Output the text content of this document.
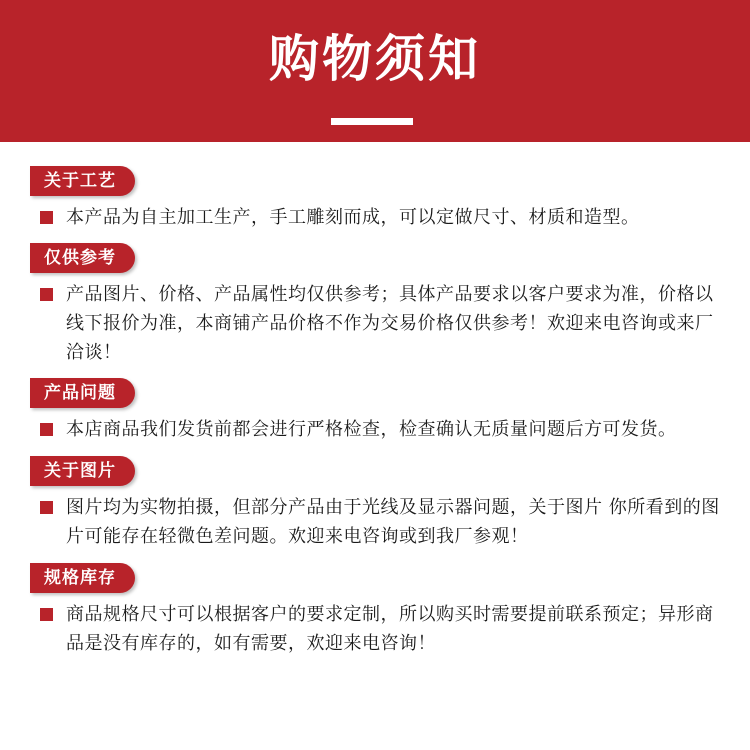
购物须知
关于工艺
本产品为自主加工生产，手工雕刻而成，可以定做尺寸、材质和造型。
仅供参考
产品图片、价格、产品属性均仅供参考；具体产品要求以客户要求为准，价格以线下报价为准，本商铺产品价格不作为交易价格仅供参考！欢迎来电咨询或来厂洽谈！
产品问题
本店商品我们发货前都会进行严格检查，检查确认无质量问题后方可发货。
关于图片
图片均为实物拍摄，但部分产品由于光线及显示器问题，关于图片 你所看到的图片可能存在轻微色差问题。欢迎来电咨询或到我厂参观！
规格库存
商品规格尺寸可以根据客户的要求定制，所以购买时需要提前联系预定；异形商品是没有库存的，如有需要，欢迎来电咨询！
